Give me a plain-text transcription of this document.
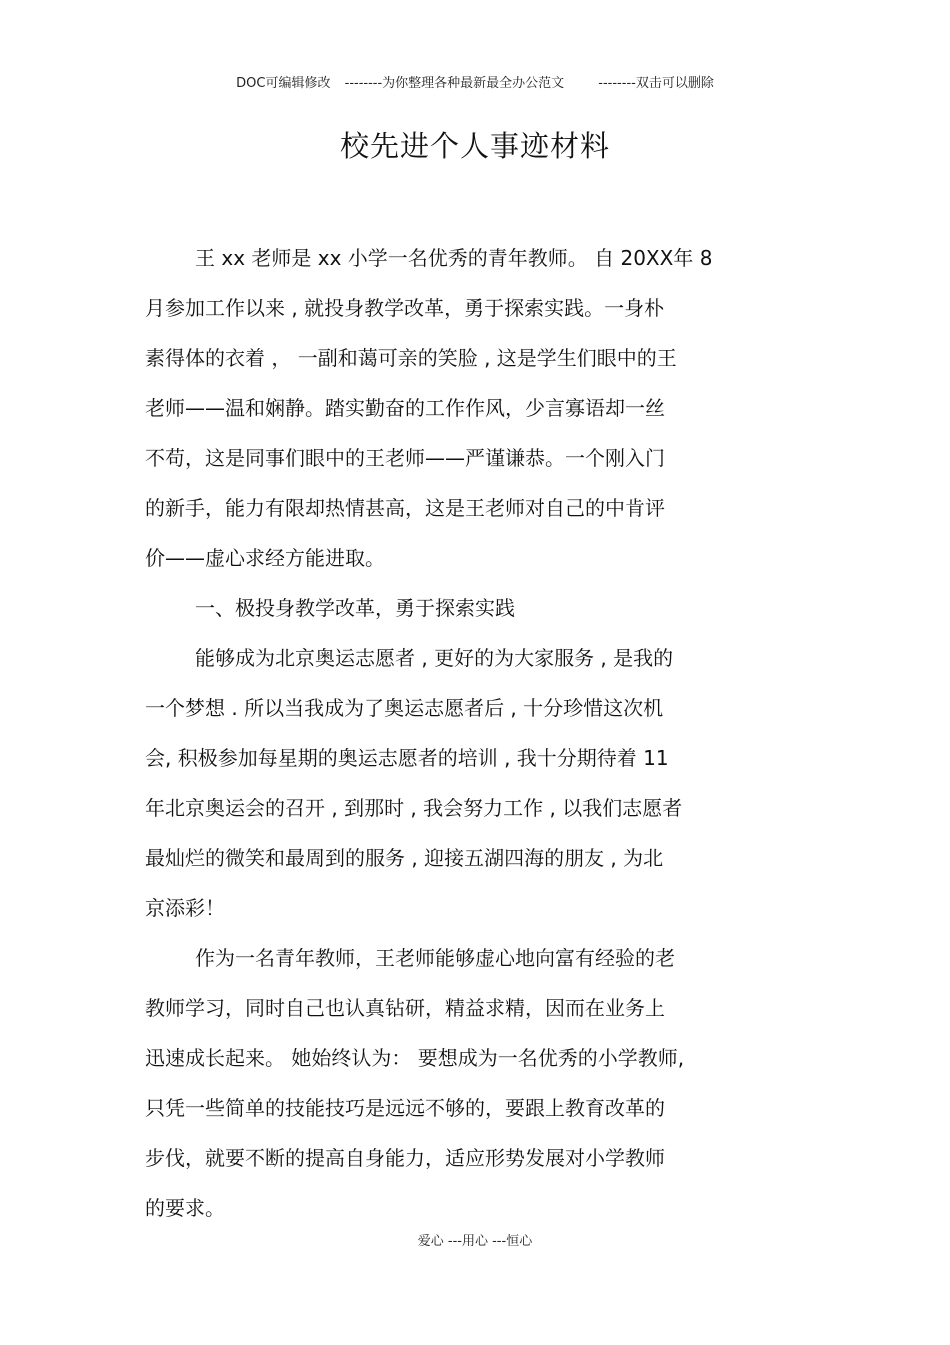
DOC可编辑修改 --------为你整理各种最新最全办公范文	--------双击可以删除
校先进个人事迹材料
王 xx 老师是 xx 小学一名优秀的青年教师。 自 20XX年 8
月参加工作以来 , 就投身教学改革，勇于探索实践。一身朴
素得体的衣着 ， 一副和蔼可亲的笑脸 , 这是学生们眼中的王
老师——温和娴静。踏实勤奋的工作作风，少言寡语却一丝
不苟，这是同事们眼中的王老师——严谨谦恭。一个刚入门
的新手，能力有限却热情甚高，这是王老师对自己的中肯评
价——虚心求经方能进取。
一、极投身教学改革，勇于探索实践
能够成为北京奥运志愿者 , 更好的为大家服务 , 是我的
一个梦想 . 所以当我成为了奥运志愿者后 , 十分珍惜这次机
会, 积极参加每星期的奥运志愿者的培训 , 我十分期待着 11
年北京奥运会的召开 , 到那时 , 我会努力工作 , 以我们志愿者
最灿烂的微笑和最周到的服务 , 迎接五湖四海的朋友 , 为北
京添彩！
作为一名青年教师，王老师能够虚心地向富有经验的老
教师学习，同时自己也认真钻研，精益求精，因而在业务上
迅速成长起来。 她始终认为： 要想成为一名优秀的小学教师,
只凭一些简单的技能技巧是远远不够的，要跟上教育改革的
步伐，就要不断的提高自身能力，适应形势发展对小学教师
的要求。
爱心 ---用心 ---恒心
